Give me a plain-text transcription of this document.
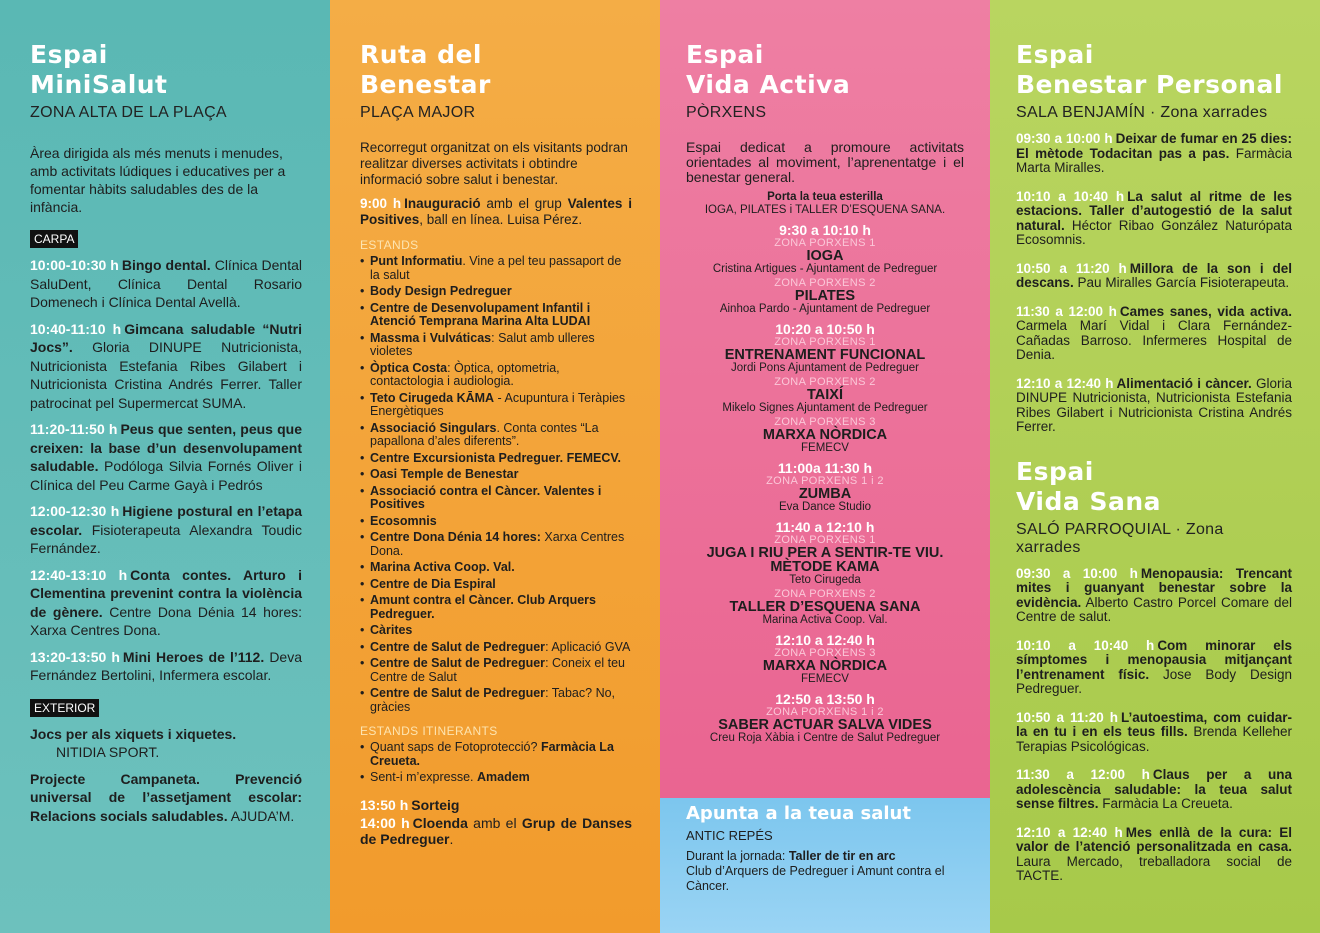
Espai
MiniSalut
ZONA ALTA DE LA PLAÇA
Àrea dirigida als més menuts i menudes, amb activitats lúdiques i educatives per a fomentar hàbits saludables des de la infància.
CARPA
10:00-10:30 h Bingo dental. Clínica Dental SaluDent, Clínica Dental Rosario Domenech i Clínica Dental Avellà.
10:40-11:10 h Gimcana saludable “Nutri Jocs”. Gloria DINUPE Nutricionista, Nutricionista Estefania Ribes Gilabert i Nutricionista Cristina Andrés Ferrer. Taller patrocinat pel Supermercat SUMA.
11:20-11:50 h Peus que senten, peus que creixen: la base d’un desenvolupament saludable. Podóloga Silvia Fornés Oliver i Clínica del Peu Carme Gayà i Pedrós
12:00-12:30 h Higiene postural en l’etapa escolar. Fisioterapeuta Alexandra Toudic Fernández.
12:40-13:10 h Conta contes. Arturo i Clementina prevenint contra la violència de gènere. Centre Dona Dénia 14 hores: Xarxa Centres Dona.
13:20-13:50 h Mini Heroes de l’112. Deva Fernández Bertolini, Infermera escolar.
EXTERIOR
Jocs per als xiquets i xiquetes.
NITIDIA SPORT.
Projecte Campaneta. Prevenció universal de l’assetjament escolar: Relacions socials saludables. AJUDA’M.
Ruta del
Benestar
PLAÇA MAJOR
Recorregut organitzat on els visitants podran realitzar diverses activitats i obtindre informació sobre salut i benestar.
9:00 h Inauguració amb el grup Valentes i Positives, ball en línea. Luisa Pérez.
ESTANDS
• Punt Informatiu. Vine a pel teu passaport de la salut
• Body Design Pedreguer
• Centre de Desenvolupament Infantil i Atenció Temprana Marina Alta LUDAI
• Massma i Vulváticas: Salut amb ulleres violetes
• Òptica Costa: Òptica, optometria, contactologia i audiologia.
• Teto Cirugeda KĀMA - Acupuntura i Teràpies Energètiques
• Associació Singulars. Conta contes “La papallona d’ales diferents”.
• Centre Excursionista Pedreguer. FEMECV.
• Oasi Temple de Benestar
• Associació contra el Càncer. Valentes i Positives
• Ecosomnis
• Centre Dona Dénia 14 hores: Xarxa Centres Dona.
• Marina Activa Coop. Val.
• Centre de Dia Espiral
• Amunt contra el Càncer. Club Arquers Pedreguer.
• Càrites
• Centre de Salut de Pedreguer: Aplicació GVA
• Centre de Salut de Pedreguer: Coneix el teu Centre de Salut
• Centre de Salut de Pedreguer: Tabac? No, gràcies
ESTANDS ITINERANTS
• Quant saps de Fotoprotecció? Farmàcia La Creueta.
• Sent-i m’expresse. Amadem
13:50 h Sorteig
14:00 h Cloenda amb el Grup de Danses de Pedreguer.
Espai
Vida Activa
PÒRXENS
Espai dedicat a promoure activitats orientades al moviment, l’aprenentatge i el benestar general.
Porta la teua esterilla
IOGA, PILATES i TALLER D’ESQUENA SANA.
9:30 a 10:10 h
ZONA PORXENS 1
IOGA
Cristina Artigues - Ajuntament de Pedreguer
ZONA PORXENS 2
PILATES
Ainhoa Pardo - Ajuntament de Pedreguer
10:20 a 10:50 h
ZONA PORXENS 1
ENTRENAMENT FUNCIONAL
Jordi Pons Ajuntament de Pedreguer
ZONA PORXENS 2
TAIXÍ
Mikelo Signes Ajuntament de Pedreguer
ZONA PORXENS 3
MARXA NÒRDICA
FEMECV
11:00a 11:30 h
ZONA PORXENS 1 i 2
ZUMBA
Eva Dance Studio
11:40 a 12:10 h
ZONA PORXENS 1
JUGA I RIU PER A SENTIR-TE VIU. MÈTODE KAMA
Teto Cirugeda
ZONA PORXENS 2
TALLER D’ESQUENA SANA
Marina Activa Coop. Val.
12:10 a 12:40 h
ZONA PORXENS 3
MARXA NÒRDICA
FEMECV
12:50 a 13:50 h
ZONA PORXENS 1 i 2
SABER ACTUAR SALVA VIDES
Creu Roja Xàbia i Centre de Salut Pedreguer
Apunta a la teua salut
ANTIC REPÉS
Durant la jornada: Taller de tir en arc
Club d’Arquers de Pedreguer i Amunt contra el Càncer.
Espai
Benestar Personal
SALA BENJAMÍN · Zona xarrades
09:30 a 10:00 h Deixar de fumar en 25 dies: El mètode Todacitan pas a pas. Farmàcia Marta Miralles.
10:10 a 10:40 h La salut al ritme de les estacions. Taller d’autogestió de la salut natural. Héctor Ribao González Naturópata Ecosomnis.
10:50 a 11:20 h Millora de la son i del descans. Pau Miralles García Fisioterapeuta.
11:30 a 12:00 h Cames sanes, vida activa. Carmela Marí Vidal i Clara Fernández-Cañadas Barroso. Infermeres Hospital de Denia.
12:10 a 12:40 h Alimentació i càncer. Gloria DINUPE Nutricionista, Nutricionista Estefania Ribes Gilabert i Nutricionista Cristina Andrés Ferrer.
Espai
Vida Sana
SALÓ PARROQUIAL · Zona xarrades
09:30 a 10:00 h Menopausia: Trencant mites i guanyant benestar sobre la evidència. Alberto Castro Porcel Comare del Centre de salut.
10:10 a 10:40 h Com minorar els símptomes i menopausia mitjançant l’entrenament físic. Jose Body Design Pedreguer.
10:50 a 11:20 h L’autoestima, com cuidar-la en tu i en els teus fills. Brenda Kelleher Terapias Psicológicas.
11:30 a 12:00 h Claus per a una adolescència saludable: la teua salut sense filtres. Farmàcia La Creueta.
12:10 a 12:40 h Mes enllà de la cura: El valor de l’atenció personalitzada en casa. Laura Mercado, treballadora social de TACTE.
